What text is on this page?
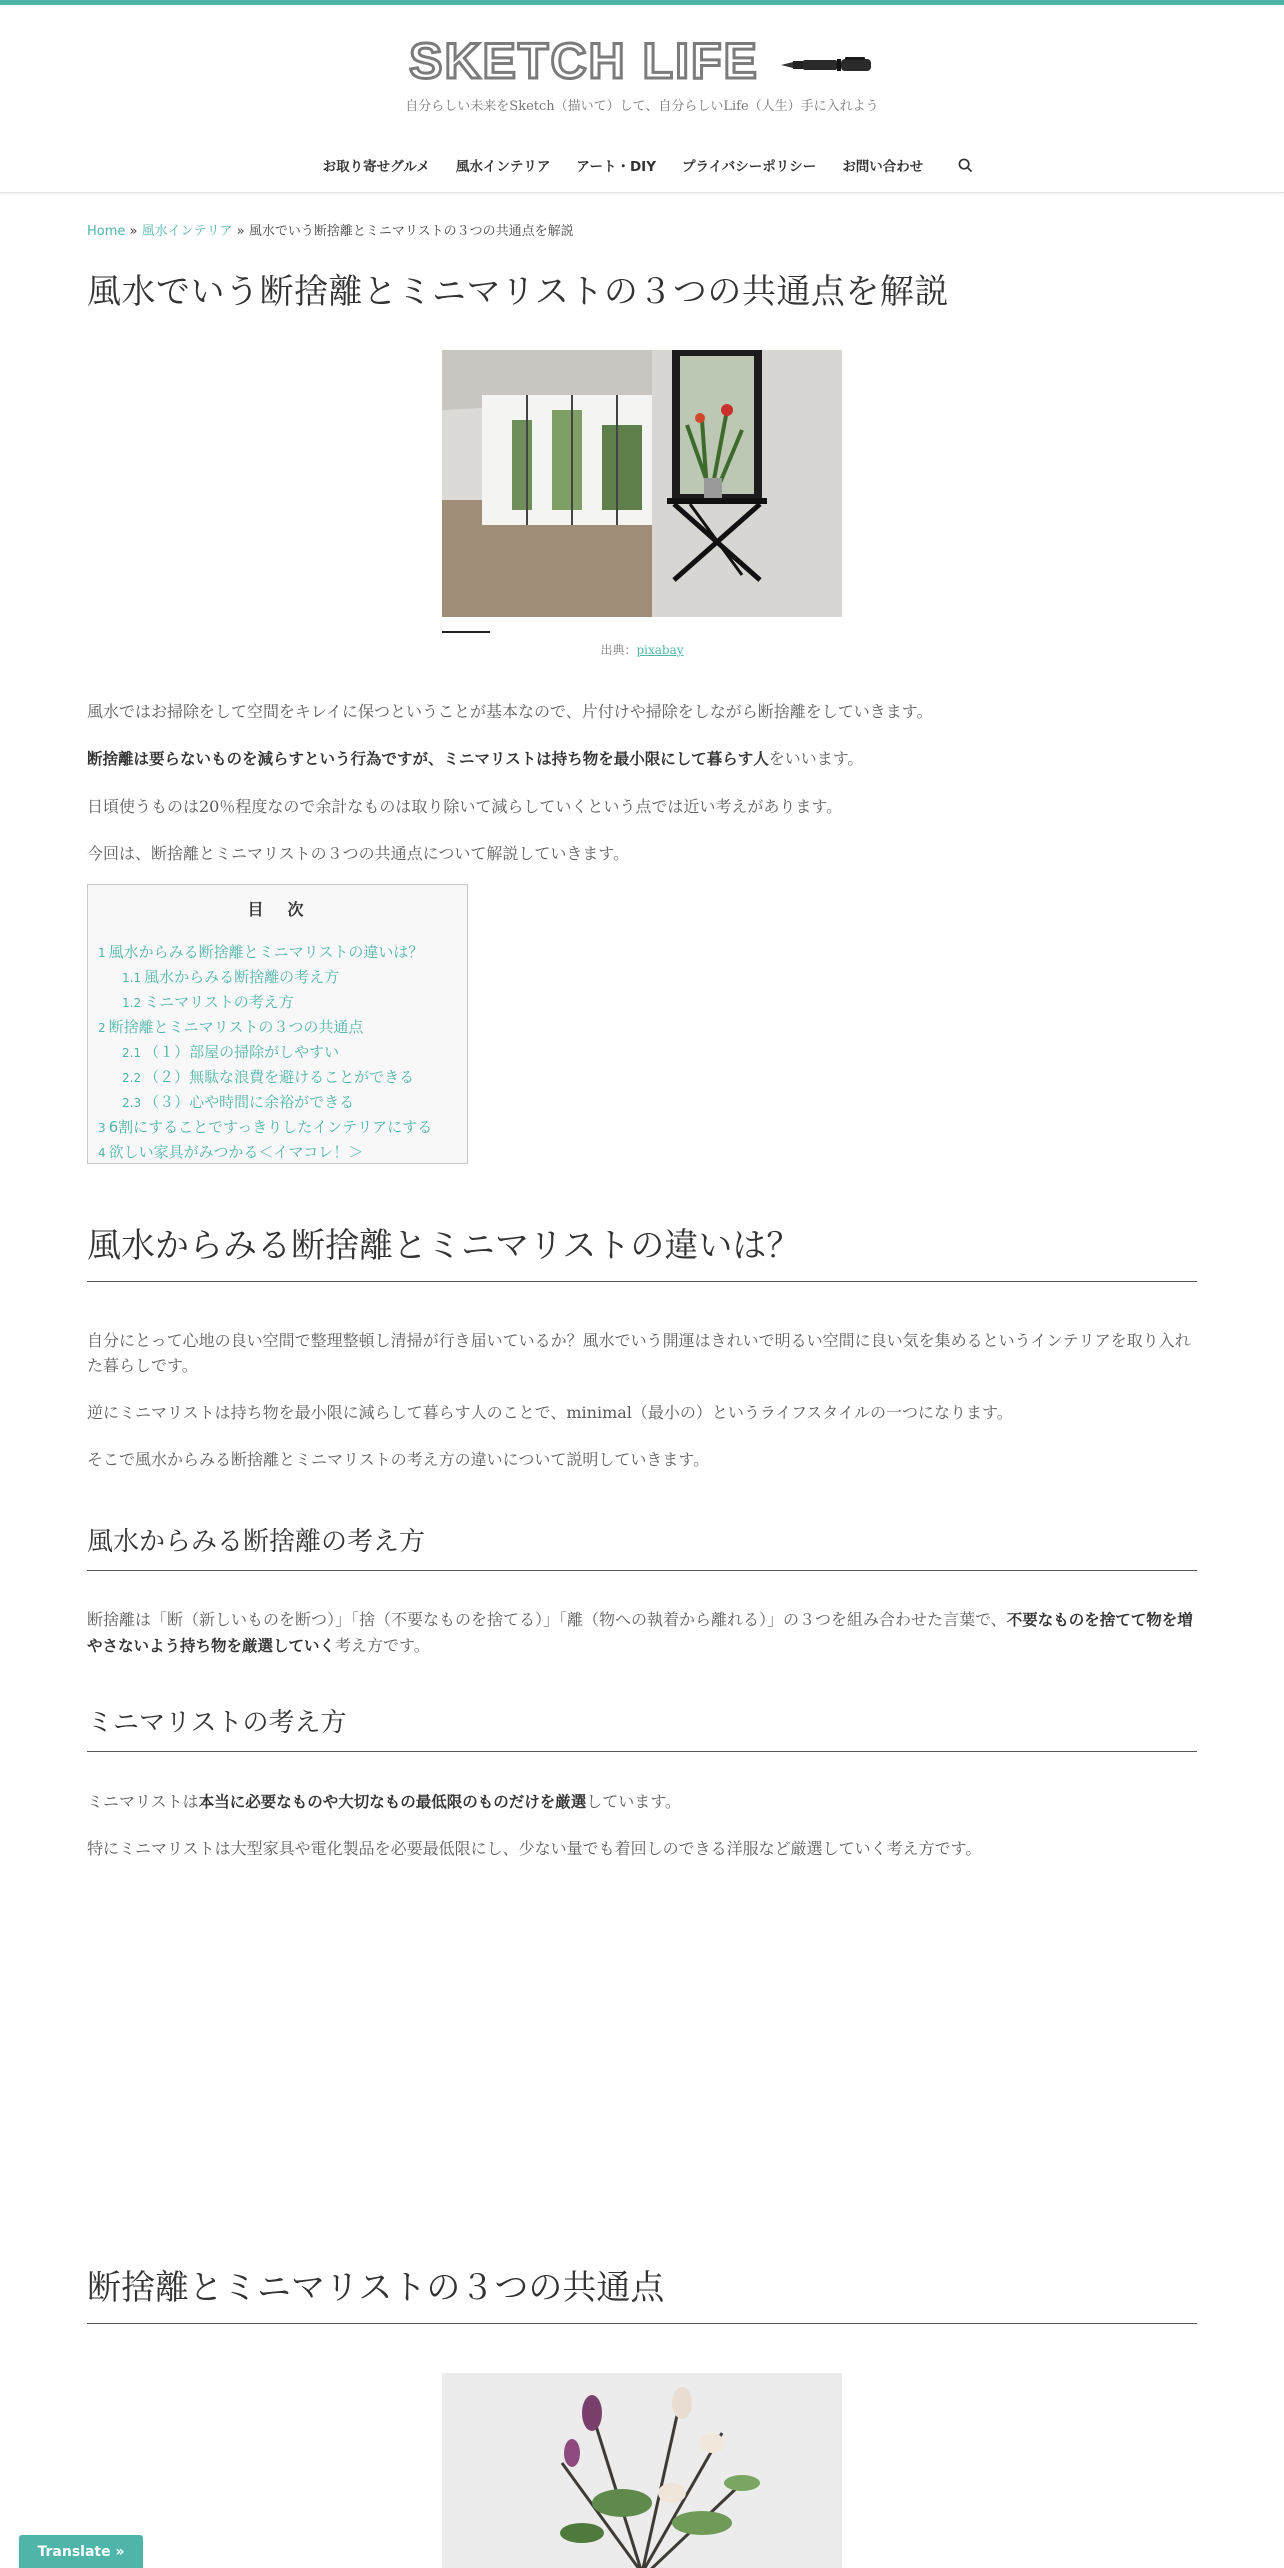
SKETCH LIFE
自分らしい未来をSketch（描いて）して、自分らしいLife（人生）手に入れよう
お取り寄せグルメ 風水インテリア アート・DIY プライバシーポリシー お問い合わせ
Home » 風水インテリア » 風水でいう断捨離とミニマリストの３つの共通点を解説
風水でいう断捨離とミニマリストの３つの共通点を解説
出典：pixabay

風水ではお掃除をして空間をキレイに保つということが基本なので、片付けや掃除をしながら断捨離をしていきます。

断捨離は要らないものを減らすという行為ですが、ミニマリストは持ち物を最小限にして暮らす人をいいます。

日頃使うものは20％程度なので余計なものは取り除いて減らしていくという点では近い考えがあります。

今回は、断捨離とミニマリストの３つの共通点について解説していきます。

目　次
1 風水からみる断捨離とミニマリストの違いは？
1.1 風水からみる断捨離の考え方
1.2 ミニマリストの考え方
2 断捨離とミニマリストの３つの共通点
2.1 （１）部屋の掃除がしやすい
2.2 （２）無駄な浪費を避けることができる
2.3 （３）心や時間に余裕ができる
3 6割にすることですっきりしたインテリアにする
4 欲しい家具がみつかる＜イマコレ！＞
風水からみる断捨離とミニマリストの違いは？

自分にとって心地の良い空間で整理整頓し清掃が行き届いているか？風水でいう開運はきれいで明るい空間に良い気を集めるというインテリアを取り入れた暮らしです。

逆にミニマリストは持ち物を最小限に減らして暮らす人のことで、minimal（最小の）というライフスタイルの一つになります。

そこで風水からみる断捨離とミニマリストの考え方の違いについて説明していきます。

風水からみる断捨離の考え方

断捨離は「断（新しいものを断つ）」「捨（不要なものを捨てる）」「離（物への執着から離れる）」の３つを組み合わせた言葉で、不要なものを捨てて物を増やさないよう持ち物を厳選していく考え方です。

ミニマリストの考え方

ミニマリストは本当に必要なものや大切なもの最低限のものだけを厳選しています。

特にミニマリストは大型家具や電化製品を必要最低限にし、少ない量でも着回しのできる洋服など厳選していく考え方です。

断捨離とミニマリストの３つの共通点
Translate »
